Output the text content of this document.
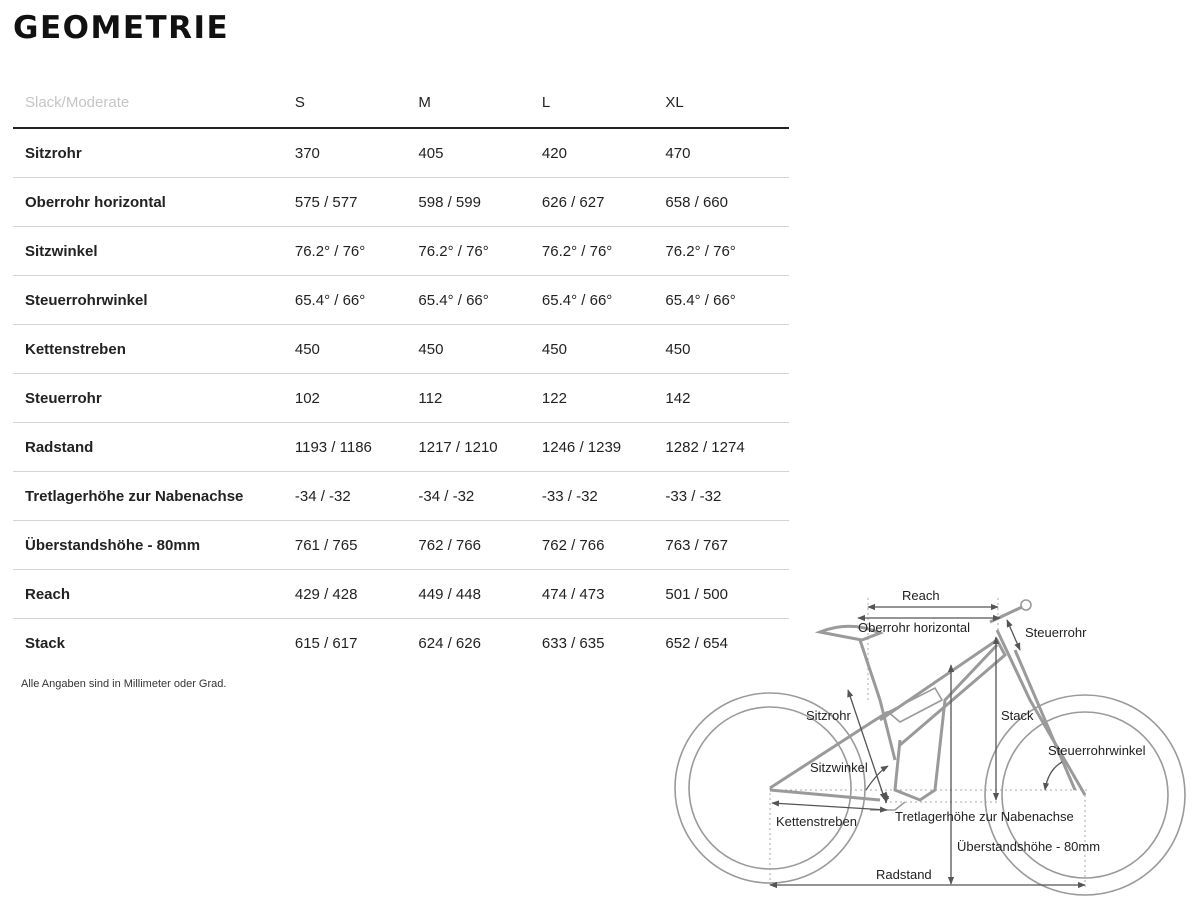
GEOMETRIE
Slack/Moderate	S	M	L	XL
Sitzrohr	370	405	420	470
Oberrohr horizontal	575 / 577	598 / 599	626 / 627	658 / 660
Sitzwinkel	76.2° / 76°	76.2° / 76°	76.2° / 76°	76.2° / 76°
Steuerrohrwinkel	65.4° / 66°	65.4° / 66°	65.4° / 66°	65.4° / 66°
Kettenstreben	450	450	450	450
Steuerrohr	102	112	122	142
Radstand	1193 / 1186	1217 / 1210	1246 / 1239	1282 / 1274
Tretlagerhöhe zur Nabenachse	-34 / -32	-34 / -32	-33 / -32	-33 / -32
Überstandshöhe - 80mm	761 / 765	762 / 766	762 / 766	763 / 767
Reach	429 / 428	449 / 448	474 / 473	501 / 500
Stack	615 / 617	624 / 626	633 / 635	652 / 654
Alle Angaben sind in Millimeter oder Grad.
Reach
Oberrohr horizontal	Steuerrohr
Sitzrohr	Stack
Steuerrohrwinkel
Sitzwinkel
Tretlagerhöhe zur Nabenachse
Kettenstreben
Überstandshöhe - 80mm
Radstand
